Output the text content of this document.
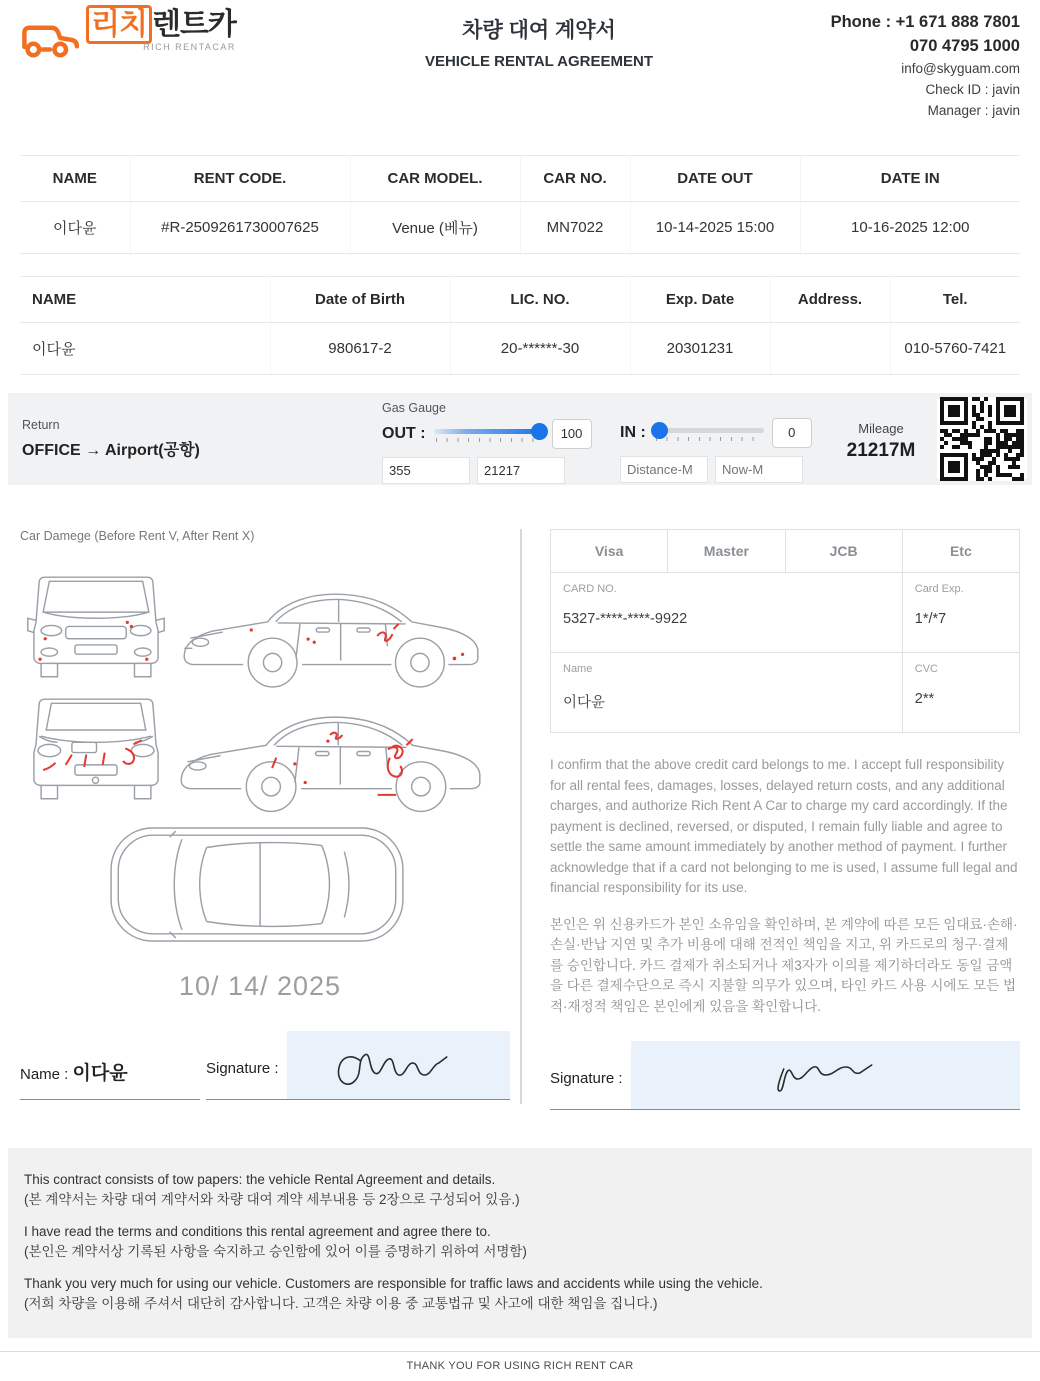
리치 렌트카
RICH RENTACAR
차량 대여 계약서
VEHICLE RENTAL AGREEMENT
Phone : +1 671 888 7801
070 4795 1000
info@skyguam.com
Check ID : javin
Manager : javin
NAME	RENT CODE.	CAR MODEL.	CAR NO.	DATE OUT	DATE IN
이다윤	#R-2509261730007625	Venue (베뉴)	MN7022	10-14-2025 15:00	10-16-2025 12:00
NAME	Date of Birth	LIC. NO.	Exp. Date	Address.	Tel.
이다윤	980617-2	20-******-30	20301231		010-5760-7421
Return
OFFICE → Airport(공항)
Gas Gauge
OUT :	100
355
21217	IN :	0
Distance-M
Now-M	Mileage
21217M
Car Damege (Before Rent V, After Rent X)
10/ 14/ 2025
Name : 이다윤	Signature :
Visa	Master	JCB	Etc
CARD NO.
5327-****-****-9922
Card Exp.
1*/*7
Name
이다윤
CVC
2**

I confirm that the above credit card belongs to me. I accept full responsibility for all rental fees, damages, losses, delayed return costs, and any additional charges, and authorize Rich Rent A Car to charge my card accordingly. If the payment is declined, reversed, or disputed, I remain fully liable and agree to settle the same amount immediately by another method of payment. I further acknowledge that if a card not belonging to me is used, I assume full legal and financial responsibility for its use.

본인은 위 신용카드가 본인 소유임을 확인하며, 본 계약에 따른 모든 임대료·손해·손실·반납 지연 및 추가 비용에 대해 전적인 책임을 지고, 위 카드로의 청구·결제를 승인합니다. 카드 결제가 취소되거나 제3자가 이의를 제기하더라도 동일 금액을 다른 결제수단으로 즉시 지불할 의무가 있으며, 타인 카드 사용 시에도 모든 법적·재정적 책임은 본인에게 있음을 확인합니다.

Signature :
This contract consists of tow papers: the vehicle Rental Agreement and details.
(본 계약서는 차량 대여 계약서와 차량 대여 계약 세부내용 등 2장으로 구성되어 있음.)
I have read the terms and conditions this rental agreement and agree there to.
(본인은 계약서상 기록된 사항을 숙지하고 승인함에 있어 이를 증명하기 위하여 서명함)
Thank you very much for using our vehicle. Customers are responsible for traffic laws and accidents while using the vehicle.
(저희 차량을 이용해 주셔서 대단히 감사합니다. 고객은 차량 이용 중 교통법규 및 사고에 대한 책임을 집니다.)
THANK YOU FOR USING RICH RENT CAR
